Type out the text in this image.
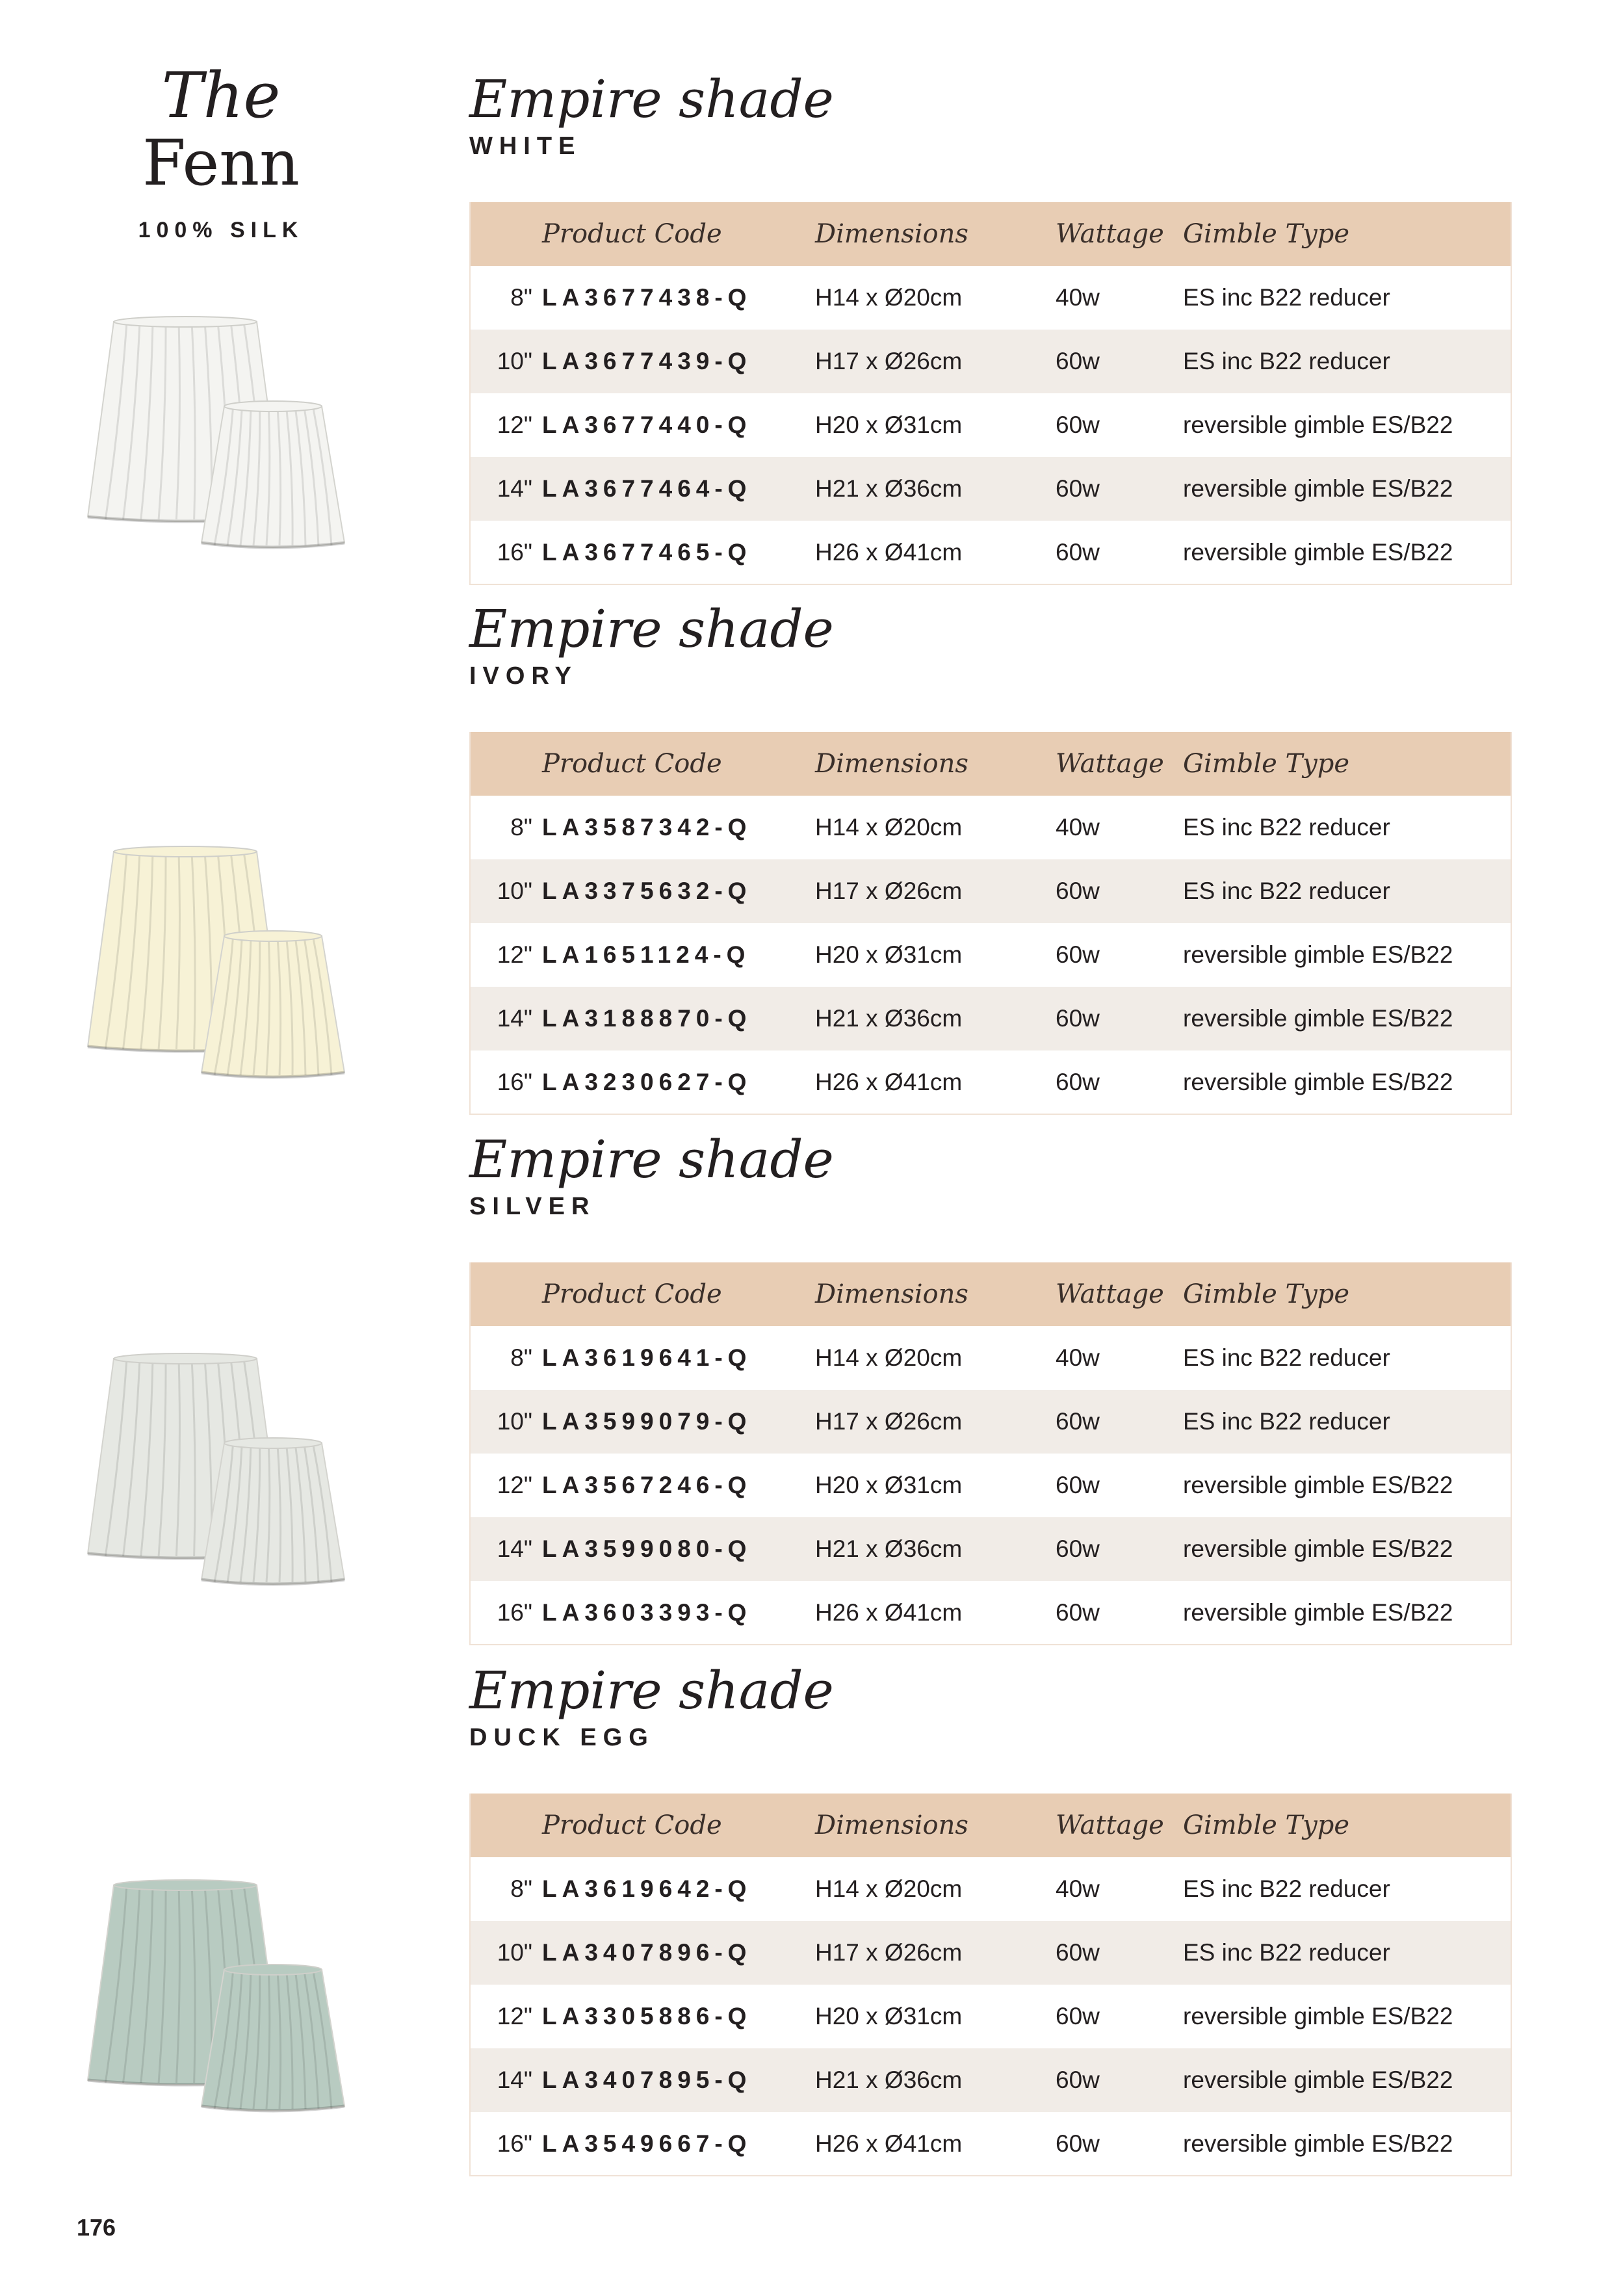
The
Fenn
100% SILK
Empire shade
WHITE
	Product Code	Dimensions	Wattage	Gimble Type
8"	LA3677438-Q	H14 x Ø20cm	40w	ES inc B22 reducer
10"	LA3677439-Q	H17 x Ø26cm	60w	ES inc B22 reducer
12"	LA3677440-Q	H20 x Ø31cm	60w	reversible gimble ES/B22
14"	LA3677464-Q	H21 x Ø36cm	60w	reversible gimble ES/B22
16"	LA3677465-Q	H26 x Ø41cm	60w	reversible gimble ES/B22
Empire shade
IVORY
	Product Code	Dimensions	Wattage	Gimble Type
8"	LA3587342-Q	H14 x Ø20cm	40w	ES inc B22 reducer
10"	LA3375632-Q	H17 x Ø26cm	60w	ES inc B22 reducer
12"	LA1651124-Q	H20 x Ø31cm	60w	reversible gimble ES/B22
14"	LA3188870-Q	H21 x Ø36cm	60w	reversible gimble ES/B22
16"	LA3230627-Q	H26 x Ø41cm	60w	reversible gimble ES/B22
Empire shade
SILVER
	Product Code	Dimensions	Wattage	Gimble Type
8"	LA3619641-Q	H14 x Ø20cm	40w	ES inc B22 reducer
10"	LA3599079-Q	H17 x Ø26cm	60w	ES inc B22 reducer
12"	LA3567246-Q	H20 x Ø31cm	60w	reversible gimble ES/B22
14"	LA3599080-Q	H21 x Ø36cm	60w	reversible gimble ES/B22
16"	LA3603393-Q	H26 x Ø41cm	60w	reversible gimble ES/B22
Empire shade
DUCK EGG
	Product Code	Dimensions	Wattage	Gimble Type
8"	LA3619642-Q	H14 x Ø20cm	40w	ES inc B22 reducer
10"	LA3407896-Q	H17 x Ø26cm	60w	ES inc B22 reducer
12"	LA3305886-Q	H20 x Ø31cm	60w	reversible gimble ES/B22
14"	LA3407895-Q	H21 x Ø36cm	60w	reversible gimble ES/B22
16"	LA3549667-Q	H26 x Ø41cm	60w	reversible gimble ES/B22
176
